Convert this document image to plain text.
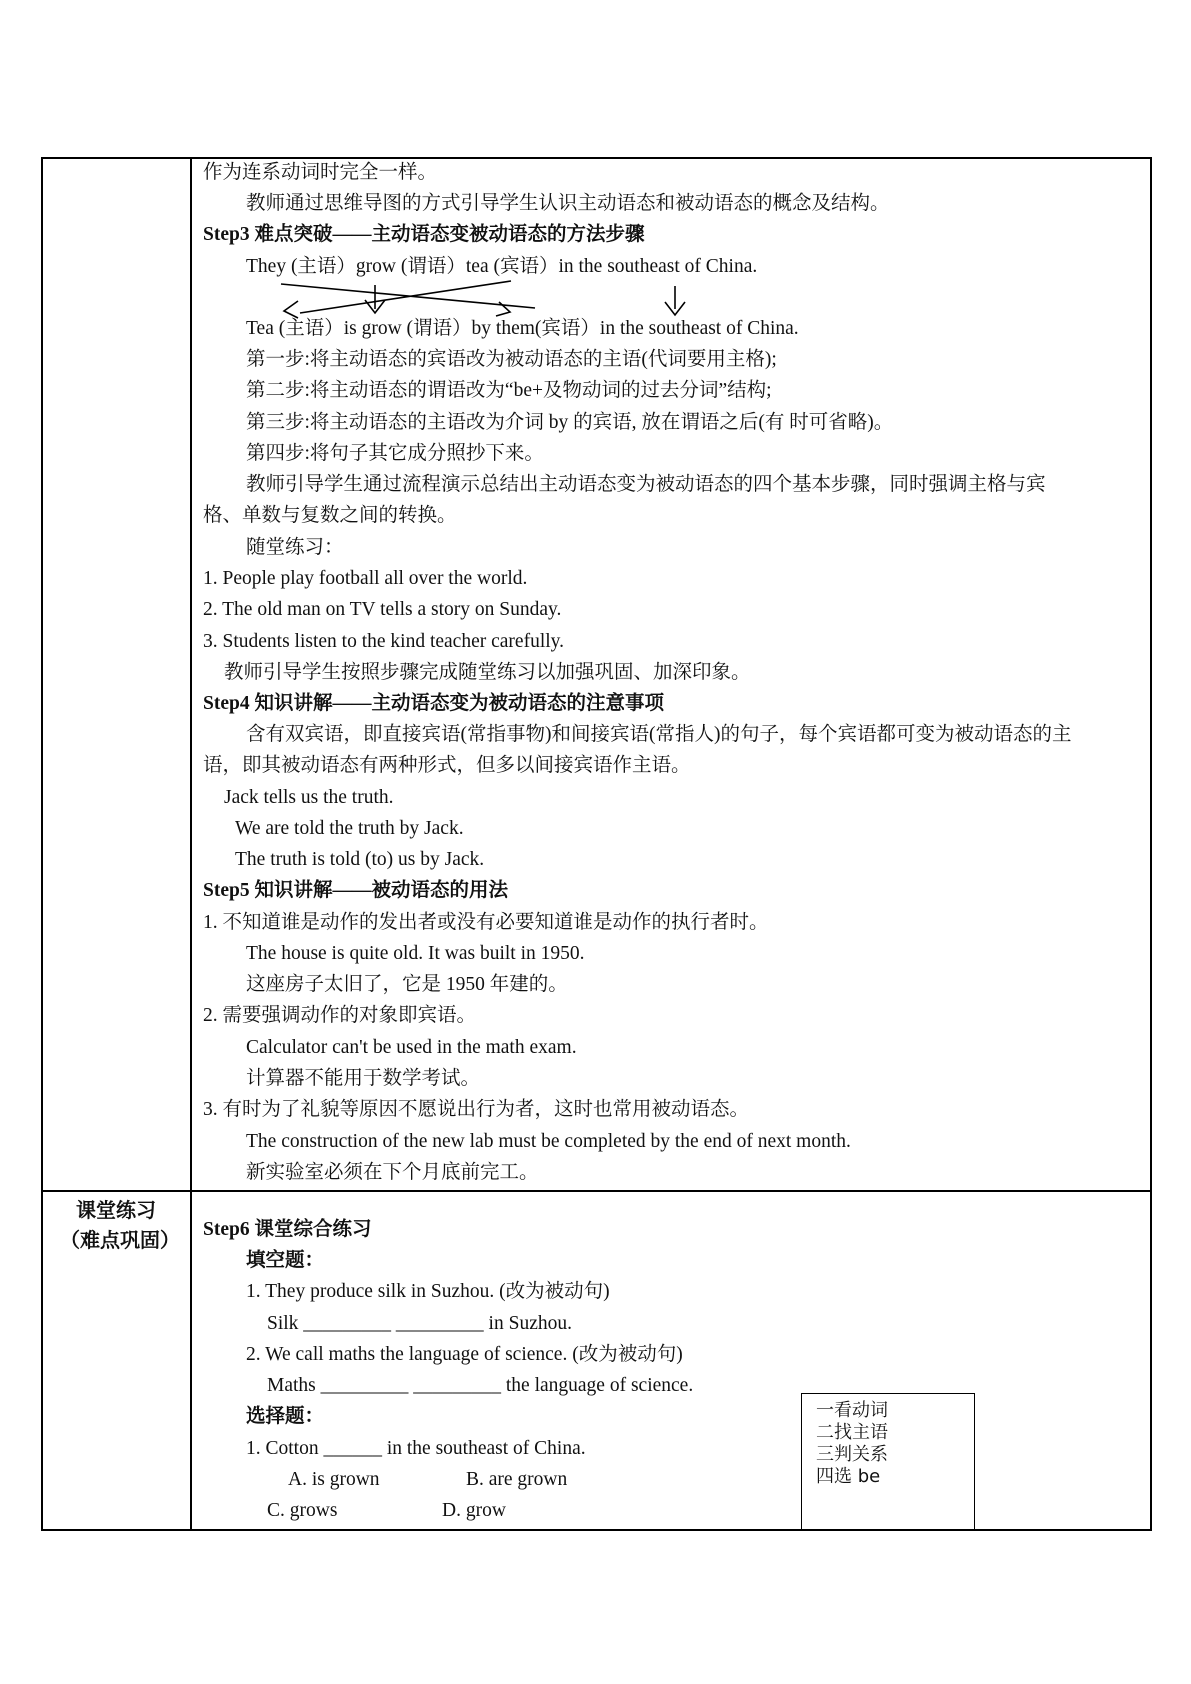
课堂练习
（难点巩固）
作为连系动词时完全一样。
教师通过思维导图的方式引导学生认识主动语态和被动语态的概念及结构。
Step3 难点突破——主动语态变被动语态的方法步骤
They (主语）grow (谓语）tea (宾语）in the southeast of China.
Tea (主语）is grow (谓语）by them(宾语）in the southeast of China.
第一步:将主动语态的宾语改为被动语态的主语(代词要用主格);
第二步:将主动语态的谓语改为“be+及物动词的过去分词”结构;
第三步:将主动语态的主语改为介词 by 的宾语, 放在谓语之后(有 时可省略)。
第四步:将句子其它成分照抄下来。
教师引导学生通过流程演示总结出主动语态变为被动语态的四个基本步骤，同时强调主格与宾
格、单数与复数之间的转换。
随堂练习：
1. People play football all over the world.
2. The old man on TV tells a story on Sunday.
3. Students listen to the kind teacher carefully.
教师引导学生按照步骤完成随堂练习以加强巩固、加深印象。
Step4 知识讲解——主动语态变为被动语态的注意事项
含有双宾语，即直接宾语(常指事物)和间接宾语(常指人)的句子，每个宾语都可变为被动语态的主
语，即其被动语态有两种形式，但多以间接宾语作主语。
Jack tells us the truth.
We are told the truth by Jack.
The truth is told (to) us by Jack.
Step5 知识讲解——被动语态的用法
1. 不知道谁是动作的发出者或没有必要知道谁是动作的执行者时。
The house is quite old. It was built in 1950.
这座房子太旧了，它是 1950 年建的。
2. 需要强调动作的对象即宾语。
Calculator can't be used in the math exam.
计算器不能用于数学考试。
3. 有时为了礼貌等原因不愿说出行为者，这时也常用被动语态。
The construction of the new lab must be completed by the end of next month.
新实验室必须在下个月底前完工。
Step6 课堂综合练习
填空题：
1. They produce silk in Suzhou. (改为被动句)
Silk _________ _________ in Suzhou.
2. We call maths the language of science. (改为被动句)
Maths _________ _________ the language of science.
选择题：
1. Cotton ______ in the southeast of China.
A. is grown	B. are grown
C. grows	D. grow
一看动词
二找主语
三判关系
四选 be
